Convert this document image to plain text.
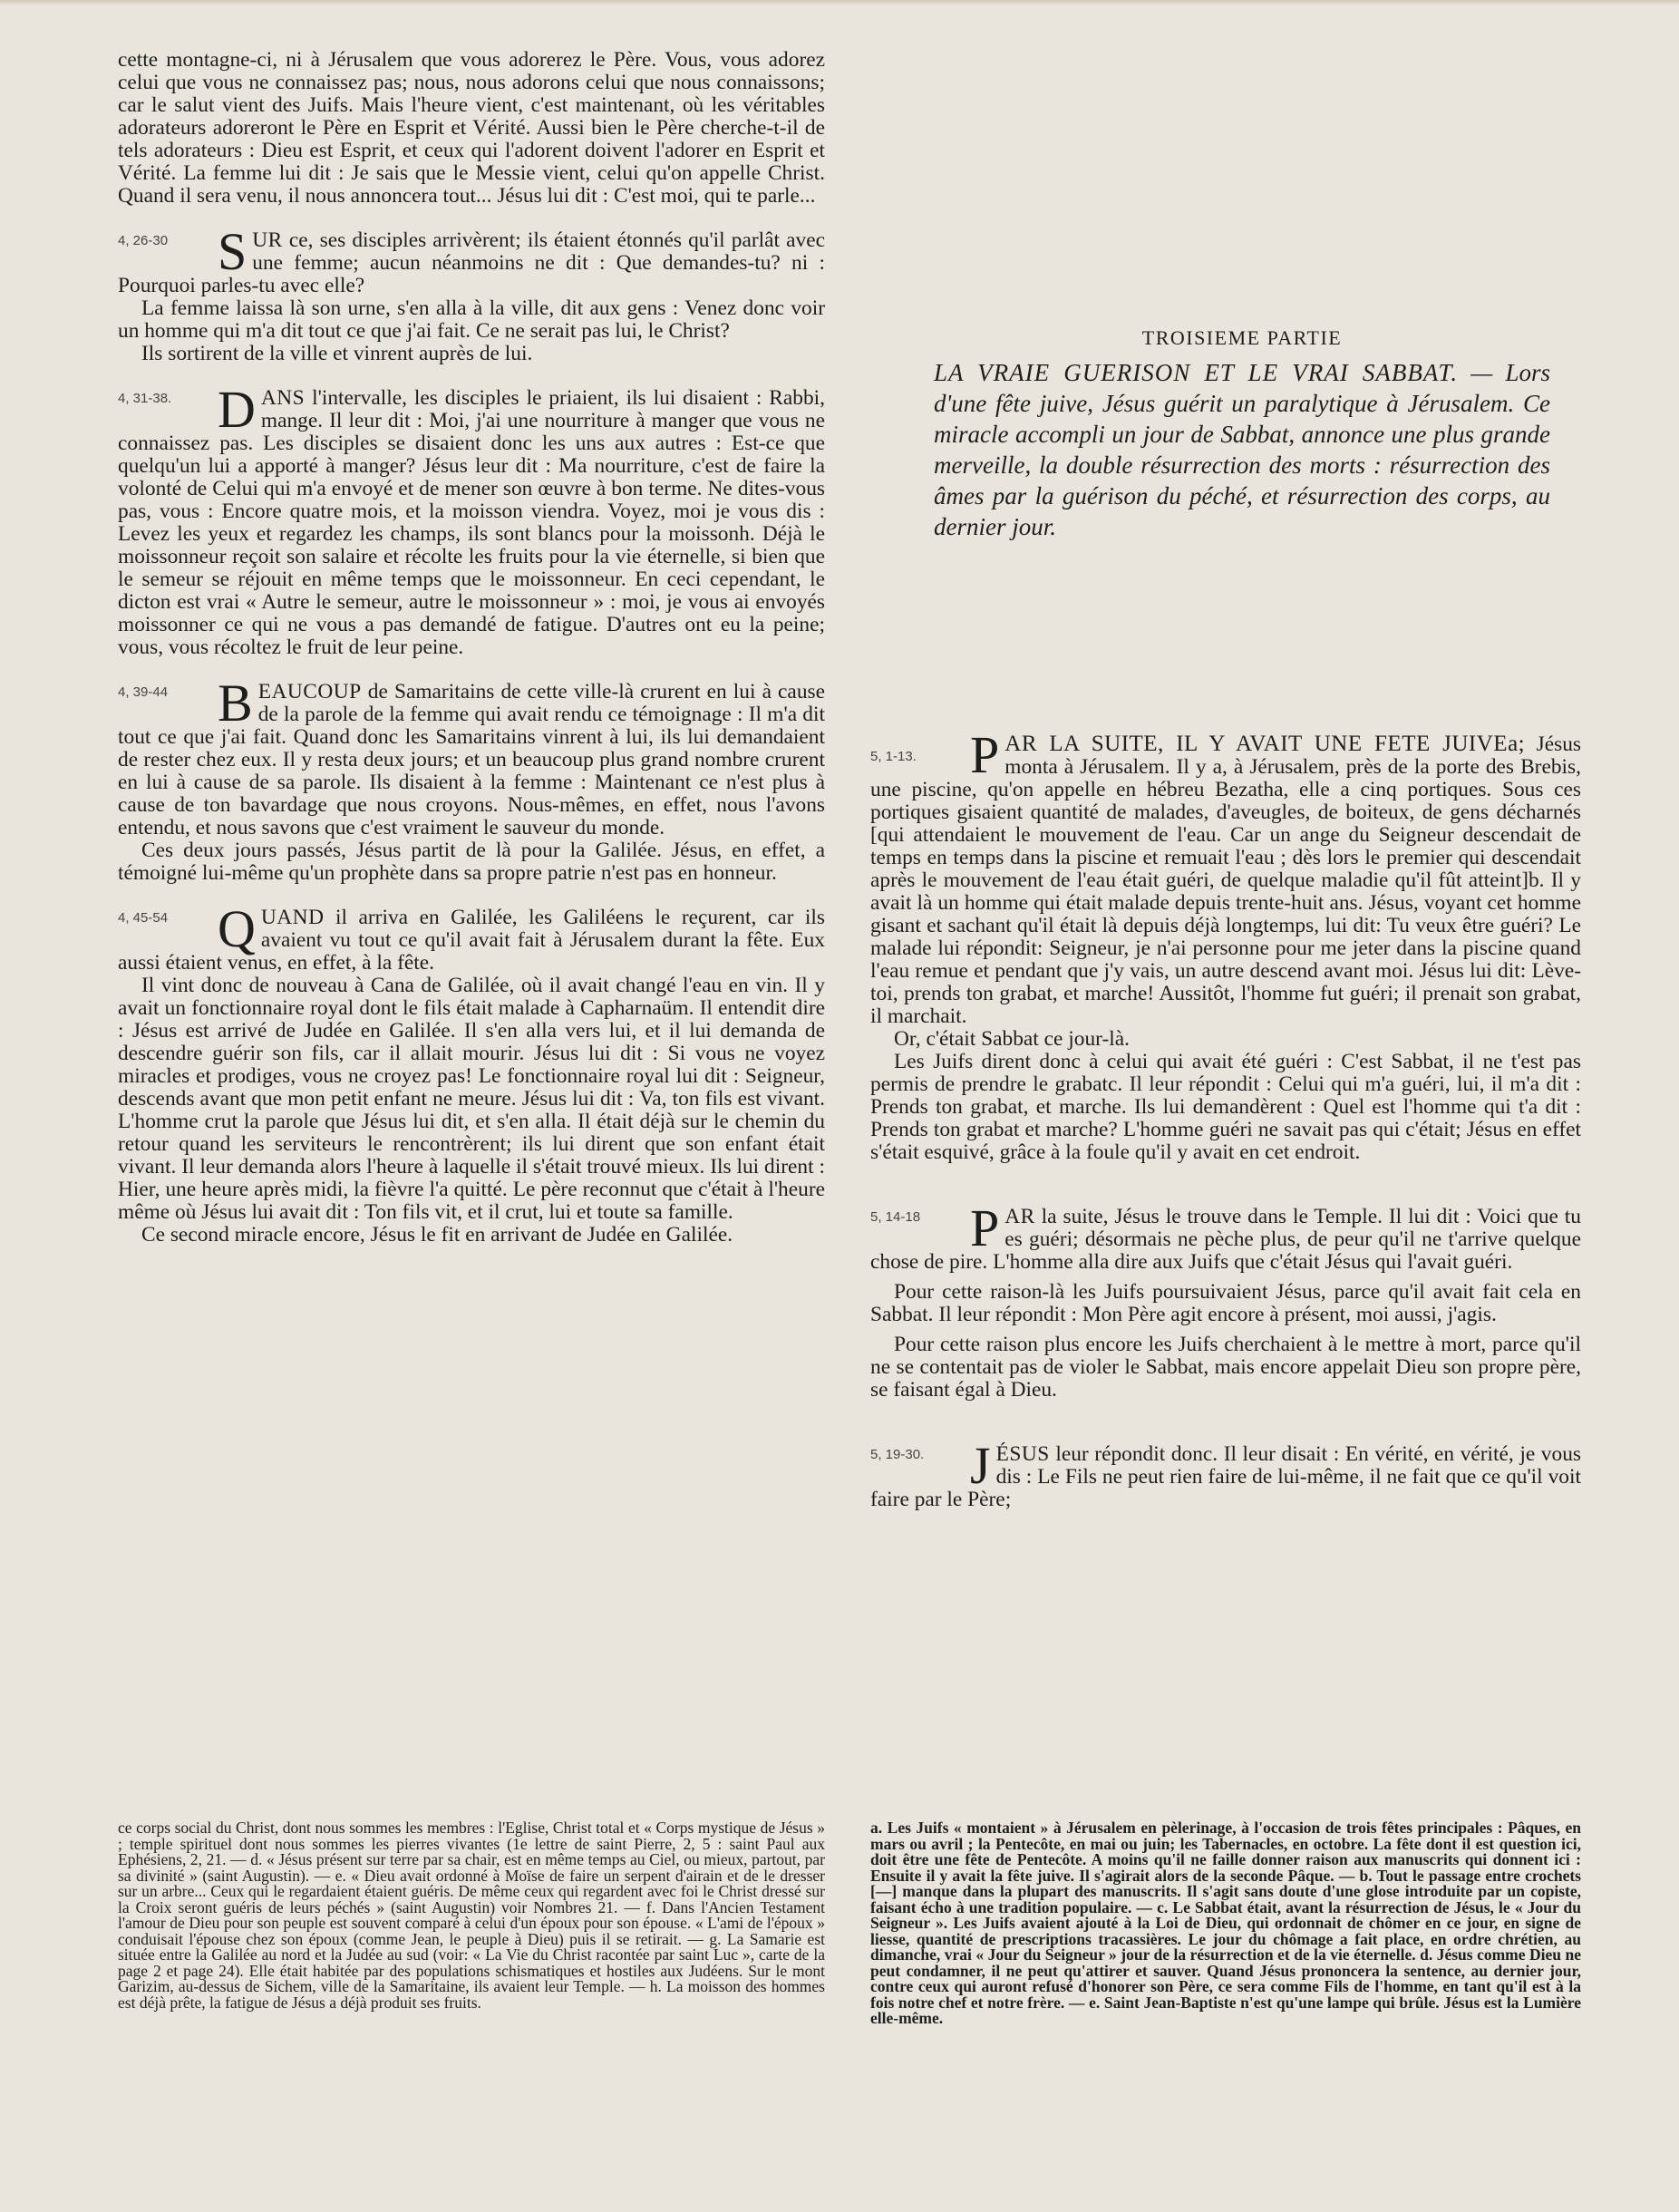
cette montagne-ci, ni à Jérusalem que vous adorerez le Père. Vous, vous adorez celui que vous ne connaissez pas; nous, nous adorons celui que nous connaissons; car le salut vient des Juifs. Mais l'heure vient, c'est maintenant, où les véritables adorateurs adoreront le Père en Esprit et Vérité. Aussi bien le Père cherche-t-il de tels adorateurs : Dieu est Esprit, et ceux qui l'adorent doivent l'adorer en Esprit et Vérité. La femme lui dit : Je sais que le Messie vient, celui qu'on appelle Christ. Quand il sera venu, il nous annoncera tout... Jésus lui dit : C'est moi, qui te parle...

4, 26-30 S UR ce, ses disciples arrivèrent; ils étaient étonnés qu'il parlât avec une femme; aucun néanmoins ne dit : Que demandes-tu? ni : Pourquoi parles-tu avec elle?

La femme laissa là son urne, s'en alla à la ville, dit aux gens : Venez donc voir un homme qui m'a dit tout ce que j'ai fait. Ce ne serait pas lui, le Christ?

Ils sortirent de la ville et vinrent auprès de lui.

4, 31-38. D ANS l'intervalle, les disciples le priaient, ils lui disaient : Rabbi, mange. Il leur dit : Moi, j'ai une nourriture à manger que vous ne connaissez pas. Les disciples se disaient donc les uns aux autres : Est-ce que quelqu'un lui a apporté à manger? Jésus leur dit : Ma nourriture, c'est de faire la volonté de Celui qui m'a envoyé et de mener son œuvre à bon terme. Ne dites-vous pas, vous : Encore quatre mois, et la moisson viendra. Voyez, moi je vous dis : Levez les yeux et regardez les champs, ils sont blancs pour la moissonh. Déjà le moissonneur reçoit son salaire et récolte les fruits pour la vie éternelle, si bien que le semeur se réjouit en même temps que le moissonneur. En ceci cependant, le dicton est vrai « Autre le semeur, autre le moissonneur » : moi, je vous ai envoyés moissonner ce qui ne vous a pas demandé de fatigue. D'autres ont eu la peine; vous, vous récoltez le fruit de leur peine.

4, 39-44 B EAUCOUP de Samaritains de cette ville-là crurent en lui à cause de la parole de la femme qui avait rendu ce témoignage : Il m'a dit tout ce que j'ai fait. Quand donc les Samaritains vinrent à lui, ils lui demandaient de rester chez eux. Il y resta deux jours; et un beaucoup plus grand nombre crurent en lui à cause de sa parole. Ils disaient à la femme : Maintenant ce n'est plus à cause de ton bavardage que nous croyons. Nous-mêmes, en effet, nous l'avons entendu, et nous savons que c'est vraiment le sauveur du monde.

Ces deux jours passés, Jésus partit de là pour la Galilée. Jésus, en effet, a témoigné lui-même qu'un prophète dans sa propre patrie n'est pas en honneur.

4, 45-54 Q UAND il arriva en Galilée, les Galiléens le reçurent, car ils avaient vu tout ce qu'il avait fait à Jérusalem durant la fête. Eux aussi étaient venus, en effet, à la fête.

Il vint donc de nouveau à Cana de Galilée, où il avait changé l'eau en vin. Il y avait un fonctionnaire royal dont le fils était malade à Capharnaüm. Il entendit dire : Jésus est arrivé de Judée en Galilée. Il s'en alla vers lui, et il lui demanda de descendre guérir son fils, car il allait mourir. Jésus lui dit : Si vous ne voyez miracles et prodiges, vous ne croyez pas! Le fonctionnaire royal lui dit : Seigneur, descends avant que mon petit enfant ne meure. Jésus lui dit : Va, ton fils est vivant. L'homme crut la parole que Jésus lui dit, et s'en alla. Il était déjà sur le chemin du retour quand les serviteurs le rencontrèrent; ils lui dirent que son enfant était vivant. Il leur demanda alors l'heure à laquelle il s'était trouvé mieux. Ils lui dirent : Hier, une heure après midi, la fièvre l'a quitté. Le père reconnut que c'était à l'heure même où Jésus lui avait dit : Ton fils vit, et il crut, lui et toute sa famille.

Ce second miracle encore, Jésus le fit en arrivant de Judée en Galilée.

TROISIEME PARTIE

LA VRAIE GUERISON ET LE VRAI SABBAT. — Lors d'une fête juive, Jésus guérit un paralytique à Jérusalem. Ce miracle accompli un jour de Sabbat, annonce une plus grande merveille, la double résurrection des morts : résurrection des âmes par la guérison du péché, et résurrection des corps, au dernier jour.

5, 1-13.	P AR LA SUITE, IL Y AVAIT UNE FETE JUIVEa; Jésus monta à Jérusalem. Il y a, à Jérusalem, près de la porte des Brebis, une piscine, qu'on appelle en hébreu Bezatha, elle a cinq portiques. Sous ces portiques gisaient quantité de malades, d'aveugles, de boiteux, de gens décharnés [qui attendaient le mouvement de l'eau. Car un ange du Seigneur descendait de temps en temps dans la piscine et remuait l'eau ; dès lors le premier qui descendait après le mouvement de l'eau était guéri, de quelque maladie qu'il fût atteint]b. Il y avait là un homme qui était malade depuis trente-huit ans. Jésus, voyant cet homme gisant et sachant qu'il était là depuis déjà longtemps, lui dit: Tu veux être guéri? Le malade lui répondit: Seigneur, je n'ai personne pour me jeter dans la piscine quand l'eau remue et pendant que j'y vais, un autre descend avant moi. Jésus lui dit: Lève-toi, prends ton grabat, et marche! Aussitôt, l'homme fut guéri; il prenait son grabat, il marchait.

Or, c'était Sabbat ce jour-là.

Les Juifs dirent donc à celui qui avait été guéri : C'est Sabbat, il ne t'est pas permis de prendre le grabatc. Il leur répondit : Celui qui m'a guéri, lui, il m'a dit : Prends ton grabat, et marche. Ils lui demandèrent : Quel est l'homme qui t'a dit : Prends ton grabat et marche? L'homme guéri ne savait pas qui c'était; Jésus en effet s'était esquivé, grâce à la foule qu'il y avait en cet endroit.

5, 14-18 P AR la suite, Jésus le trouve dans le Temple. Il lui dit : Voici que tu es guéri; désormais ne pèche plus, de peur qu'il ne t'arrive quelque chose de pire. L'homme alla dire aux Juifs que c'était Jésus qui l'avait guéri.

Pour cette raison-là les Juifs poursuivaient Jésus, parce qu'il avait fait cela en Sabbat. Il leur répondit : Mon Père agit encore à présent, moi aussi, j'agis.

Pour cette raison plus encore les Juifs cherchaient à le mettre à mort, parce qu'il ne se contentait pas de violer le Sabbat, mais encore appelait Dieu son propre père, se faisant égal à Dieu.

5, 19-30. J ÉSUS leur répondit donc. Il leur disait : En vérité, en vérité, je vous dis : Le Fils ne peut rien faire de lui-même, il ne fait que ce qu'il voit faire par le Père;

ce corps social du Christ, dont nous sommes les membres : l'Eglise, Christ total et « Corps mystique de Jésus » ; temple spirituel dont nous sommes les pierres vivantes (1e lettre de saint Pierre, 2, 5 : saint Paul aux Ephésiens, 2, 21. — d. « Jésus présent sur terre par sa chair, est en même temps au Ciel, ou mieux, partout, par sa divinité » (saint Augustin). — e. « Dieu avait ordonné à Moïse de faire un serpent d'airain et de le dresser sur un arbre... Ceux qui le regardaient étaient guéris. De même ceux qui regardent avec foi le Christ dressé sur la Croix seront guéris de leurs péchés » (saint Augustin) voir Nombres 21. — f. Dans l'Ancien Testament l'amour de Dieu pour son peuple est souvent comparé à celui d'un époux pour son épouse. « L'ami de l'époux » conduisait l'épouse chez son époux (comme Jean, le peuple à Dieu) puis il se retirait. — g. La Samarie est située entre la Galilée au nord et la Judée au sud (voir: « La Vie du Christ racontée par saint Luc », carte de la page 2 et page 24). Elle était habitée par des populations schismatiques et hostiles aux Judéens. Sur le mont Garizim, au-dessus de Sichem, ville de la Samaritaine, ils avaient leur Temple. — h. La moisson des hommes est déjà prête, la fatigue de Jésus a déjà produit ses fruits.

a. Les Juifs « montaient » à Jérusalem en pèlerinage, à l'occasion de trois fêtes principales : Pâques, en mars ou avril ; la Pentecôte, en mai ou juin; les Tabernacles, en octobre. La fête dont il est question ici, doit être une fête de Pentecôte. A moins qu'il ne faille donner raison aux manuscrits qui donnent ici : Ensuite il y avait la fête juive. Il s'agirait alors de la seconde Pâque. — b. Tout le passage entre crochets [—] manque dans la plupart des manuscrits. Il s'agit sans doute d'une glose introduite par un copiste, faisant écho à une tradition populaire. — c. Le Sabbat était, avant la résurrection de Jésus, le « Jour du Seigneur ». Les Juifs avaient ajouté à la Loi de Dieu, qui ordonnait de chômer en ce jour, en signe de liesse, quantité de prescriptions tracassières. Le jour du chômage a fait place, en ordre chrétien, au dimanche, vrai « Jour du Seigneur » jour de la résurrection et de la vie éternelle. d. Jésus comme Dieu ne peut condamner, il ne peut qu'attirer et sauver. Quand Jésus prononcera la sentence, au dernier jour, contre ceux qui auront refusé d'honorer son Père, ce sera comme Fils de l'homme, en tant qu'il est à la fois notre chef et notre frère. — e. Saint Jean-Baptiste n'est qu'une lampe qui brûle. Jésus est la Lumière elle-même.
